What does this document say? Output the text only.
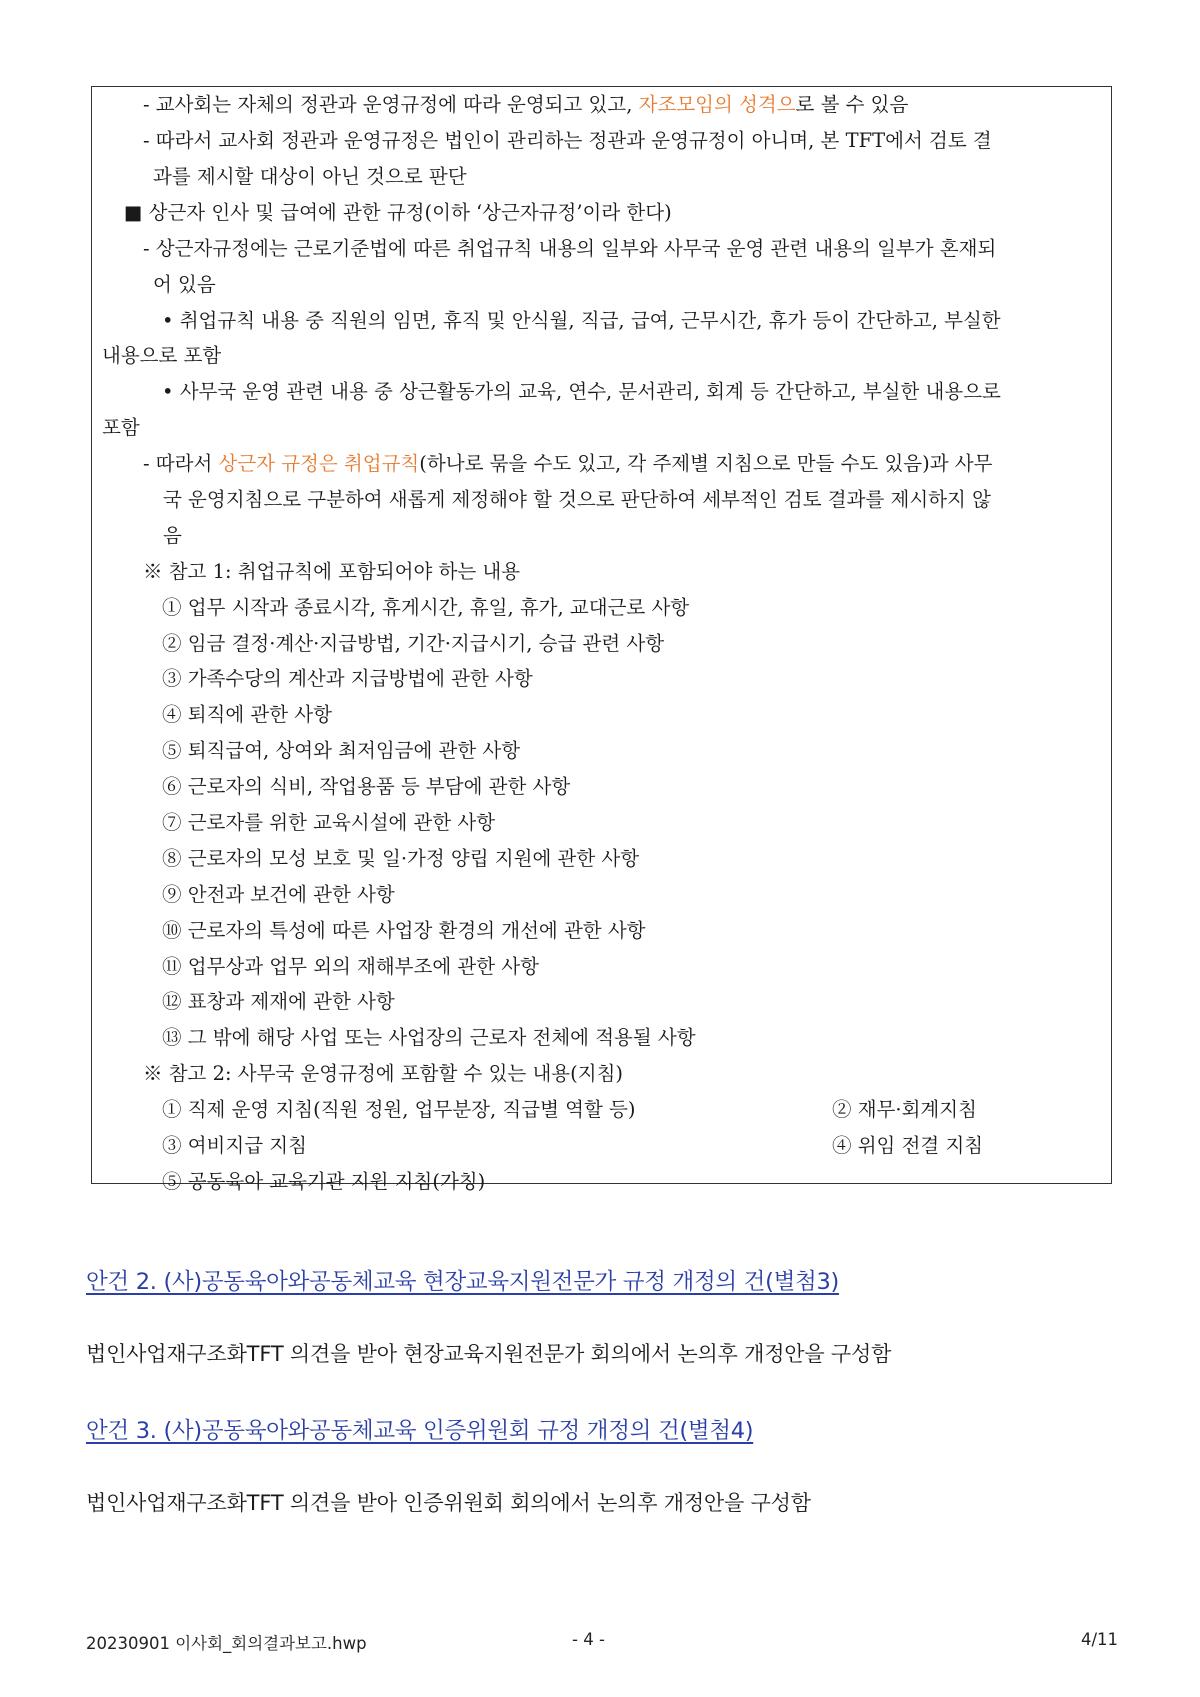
- 교사회는 자체의 정관과 운영규정에 따라 운영되고 있고, 자조모임의 성격으로 볼 수 있음
- 따라서 교사회 정관과 운영규정은 법인이 관리하는 정관과 운영규정이 아니며, 본 TFT에서 검토 결
과를 제시할 대상이 아닌 것으로 판단
■ 상근자 인사 및 급여에 관한 규정(이하 ‘상근자규정’이라 한다)
- 상근자규정에는 근로기준법에 따른 취업규칙 내용의 일부와 사무국 운영 관련 내용의 일부가 혼재되
어 있음
• 취업규칙 내용 중 직원의 임면, 휴직 및 안식월, 직급, 급여, 근무시간, 휴가 등이 간단하고, 부실한
내용으로 포함
• 사무국 운영 관련 내용 중 상근활동가의 교육, 연수, 문서관리, 회계 등 간단하고, 부실한 내용으로
포함
- 따라서 상근자 규정은 취업규칙(하나로 묶을 수도 있고, 각 주제별 지침으로 만들 수도 있음)과 사무
국 운영지침으로 구분하여 새롭게 제정해야 할 것으로 판단하여 세부적인 검토 결과를 제시하지 않
음
※ 참고 1: 취업규칙에 포함되어야 하는 내용
① 업무 시작과 종료시각, 휴게시간, 휴일, 휴가, 교대근로 사항
② 임금 결정·계산·지급방법, 기간·지급시기, 승급 관련 사항
③ 가족수당의 계산과 지급방법에 관한 사항
④ 퇴직에 관한 사항
⑤ 퇴직급여, 상여와 최저임금에 관한 사항
⑥ 근로자의 식비, 작업용품 등 부담에 관한 사항
⑦ 근로자를 위한 교육시설에 관한 사항
⑧ 근로자의 모성 보호 및 일·가정 양립 지원에 관한 사항
⑨ 안전과 보건에 관한 사항
⑩ 근로자의 특성에 따른 사업장 환경의 개선에 관한 사항
⑪ 업무상과 업무 외의 재해부조에 관한 사항
⑫ 표창과 제재에 관한 사항
⑬ 그 밖에 해당 사업 또는 사업장의 근로자 전체에 적용될 사항
※ 참고 2: 사무국 운영규정에 포함할 수 있는 내용(지침)
① 직제 운영 지침(직원 정원, 업무분장, 직급별 역할 등)	② 재무·회계지침
③ 여비지급 지침	④ 위임 전결 지침
⑤ 공동육아 교육기관 지원 지침(가칭)
안건 2. (사)공동육아와공동체교육 현장교육지원전문가 규정 개정의 건(별첨3)
법인사업재구조화TFT 의견을 받아 현장교육지원전문가 회의에서 논의후 개정안을 구성함
안건 3. (사)공동육아와공동체교육 인증위원회 규정 개정의 건(별첨4)
법인사업재구조화TFT 의견을 받아 인증위원회 회의에서 논의후 개정안을 구성함
20230901 이사회_회의결과보고.hwp	- 4 -	4/11
